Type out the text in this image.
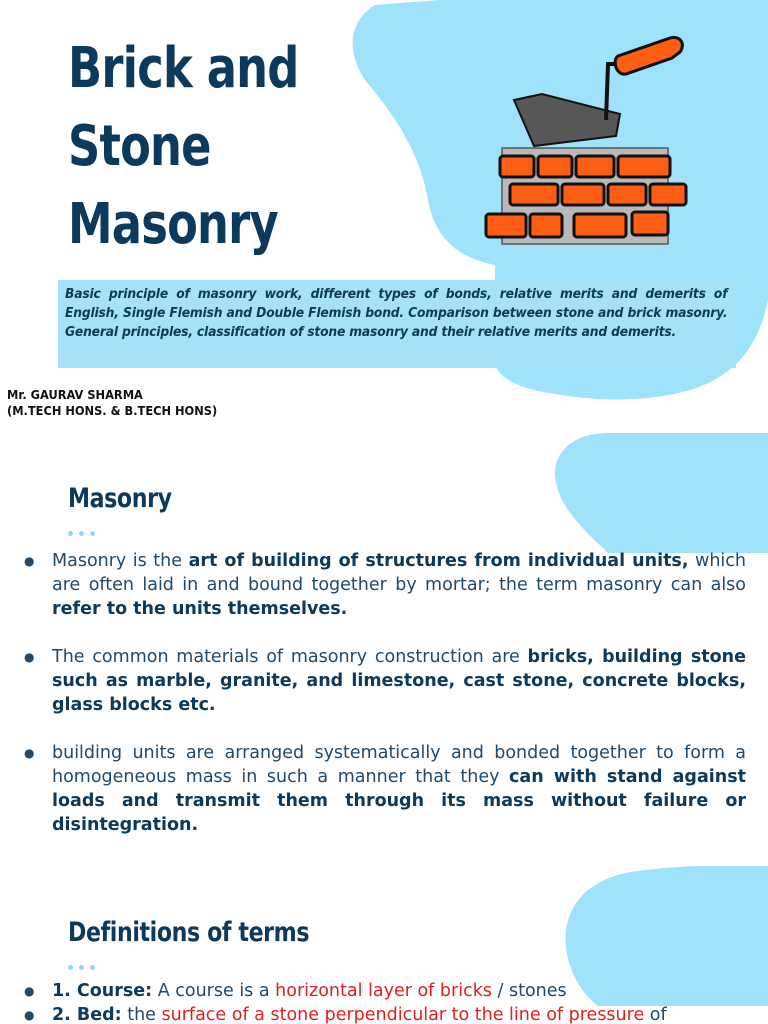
Brick and
Stone
Masonry

Basic principle of masonry work, different types of bonds, relative merits and demerits of English, Single Flemish and Double Flemish bond. Comparison between stone and brick masonry. General principles, classification of stone masonry and their relative merits and demerits.

Mr. GAURAV SHARMA
(M.TECH HONS. & B.TECH HONS)
Masonry
● Masonry is the art of building of structures from individual units, which are often laid in and bound together by mortar; the term masonry can also refer to the units themselves.
● The common materials of masonry construction are bricks, building stone such as marble, granite, and limestone, cast stone, concrete blocks, glass blocks etc.
● building units are arranged systematically and bonded together to form a homogeneous mass in such a manner that they can with stand against loads and transmit them through its mass without failure or disintegration.
Definitions of terms
● 1. Course: A course is a horizontal layer of bricks / stones
● 2. Bed: the surface of a stone perpendicular to the line of pressure of
